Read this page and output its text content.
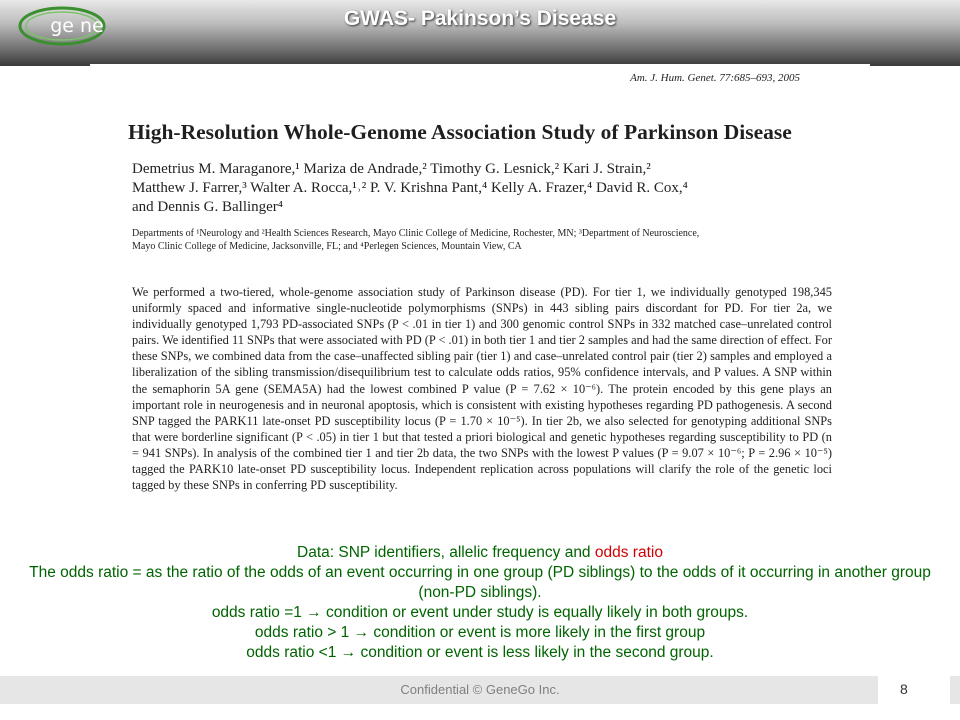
ge ne	GWAS- Pakinson’s Disease
Am. J. Hum. Genet. 77:685–693, 2005
High-Resolution Whole-Genome Association Study of Parkinson Disease
Demetrius M. Maraganore,¹ Mariza de Andrade,² Timothy G. Lesnick,² Kari J. Strain,²
Matthew J. Farrer,³ Walter A. Rocca,¹˒² P. V. Krishna Pant,⁴ Kelly A. Frazer,⁴ David R. Cox,⁴
and Dennis G. Ballinger⁴
Departments of ¹Neurology and ²Health Sciences Research, Mayo Clinic College of Medicine, Rochester, MN; ³Department of Neuroscience,
Mayo Clinic College of Medicine, Jacksonville, FL; and ⁴Perlegen Sciences, Mountain View, CA
We performed a two-tiered, whole-genome association study of Parkinson disease (PD). For tier 1, we individually genotyped 198,345 uniformly spaced and informative single-nucleotide polymorphisms (SNPs) in 443 sibling pairs discordant for PD. For tier 2a, we individually genotyped 1,793 PD-associated SNPs (P < .01 in tier 1) and 300 genomic control SNPs in 332 matched case–unrelated control pairs. We identified 11 SNPs that were associated with PD (P < .01) in both tier 1 and tier 2 samples and had the same direction of effect. For these SNPs, we combined data from the case–unaffected sibling pair (tier 1) and case–unrelated control pair (tier 2) samples and employed a liberalization of the sibling transmission/disequilibrium test to calculate odds ratios, 95% confidence intervals, and P values. A SNP within the semaphorin 5A gene (SEMA5A) had the lowest combined P value (P = 7.62 × 10⁻⁶). The protein encoded by this gene plays an important role in neurogenesis and in neuronal apoptosis, which is consistent with existing hypotheses regarding PD pathogenesis. A second SNP tagged the PARK11 late-onset PD susceptibility locus (P = 1.70 × 10⁻⁵). In tier 2b, we also selected for genotyping additional SNPs that were borderline significant (P < .05) in tier 1 but that tested a priori biological and genetic hypotheses regarding susceptibility to PD (n = 941 SNPs). In analysis of the combined tier 1 and tier 2b data, the two SNPs with the lowest P values (P = 9.07 × 10⁻⁶; P = 2.96 × 10⁻⁵) tagged the PARK10 late-onset PD susceptibility locus. Independent replication across populations will clarify the role of the genetic loci tagged by these SNPs in conferring PD susceptibility.
Data: SNP identifiers, allelic frequency and odds ratio
The odds ratio = as the ratio of the odds of an event occurring in one group (PD siblings) to the odds of it occurring in another group (non-PD siblings).
odds ratio =1 → condition or event under study is equally likely in both groups.
odds ratio > 1 → condition or event is more likely in the first group
odds ratio <1 → condition or event is less likely in the second group.
Confidential © GeneGo Inc.	8
